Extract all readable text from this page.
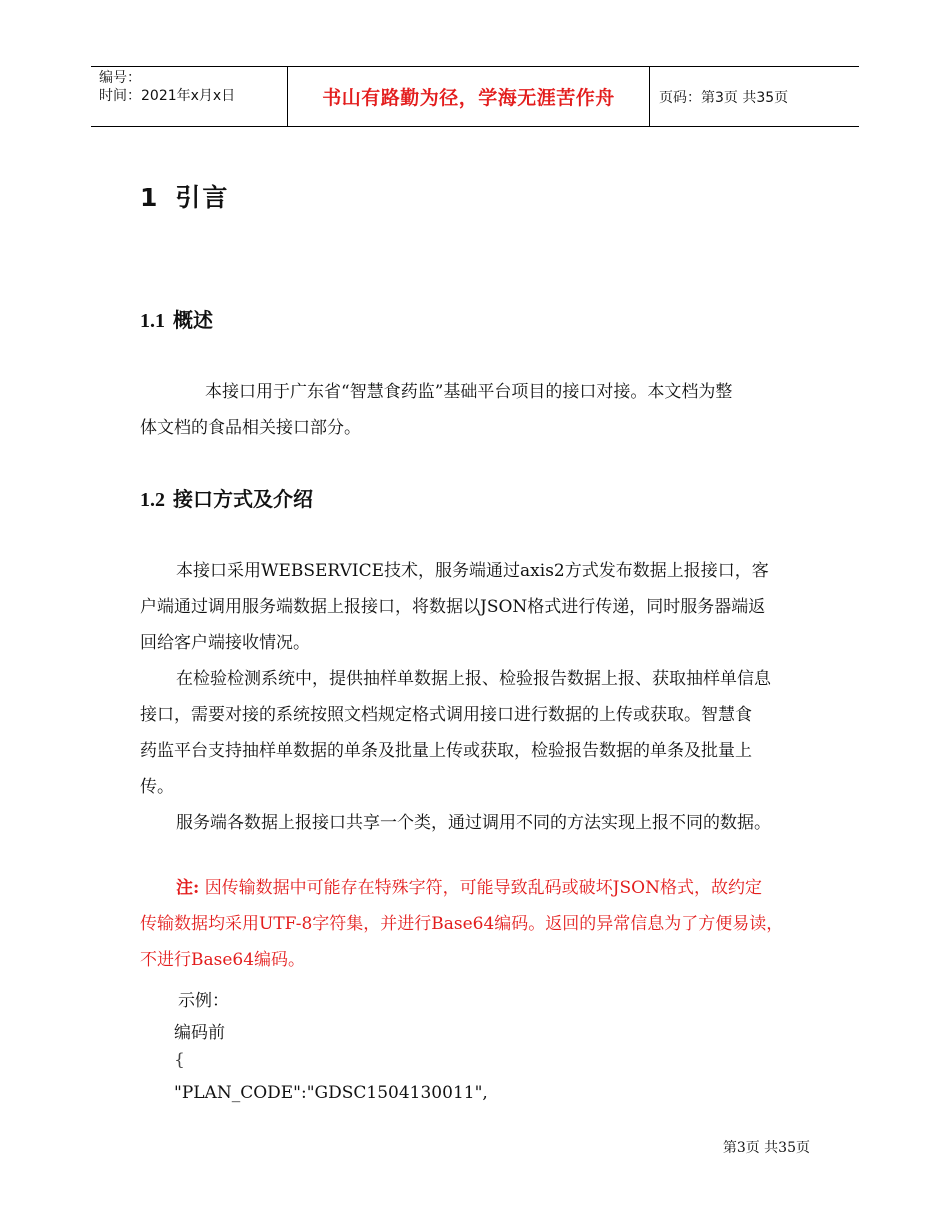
编号：
时间：2021年x月x日	书山有路勤为径，学海无涯苦作舟	页码：第3页 共35页
1 引言
1.1 概述

本接口用于广东省“智慧食药监”基础平台项目的接口对接。本文档为整

体文档的食品相关接口部分。

1.2 接口方式及介绍

本接口采用WEBSERVICE技术，服务端通过axis2方式发布数据上报接口，客

户端通过调用服务端数据上报接口，将数据以JSON格式进行传递，同时服务器端返

回给客户端接收情况。

在检验检测系统中，提供抽样单数据上报、检验报告数据上报、获取抽样单信息

接口，需要对接的系统按照文档规定格式调用接口进行数据的上传或获取。智慧食

药监平台支持抽样单数据的单条及批量上传或获取，检验报告数据的单条及批量上

传。

服务端各数据上报接口共享一个类，通过调用不同的方法实现上报不同的数据。

注: 因传输数据中可能存在特殊字符，可能导致乱码或破坏JSON格式，故约定

传输数据均采用UTF-8字符集，并进行Base64编码。返回的异常信息为了方便易读，

不进行Base64编码。

示例：

编码前

{

"PLAN_CODE":"GDSC1504130011",

第3页 共35页
